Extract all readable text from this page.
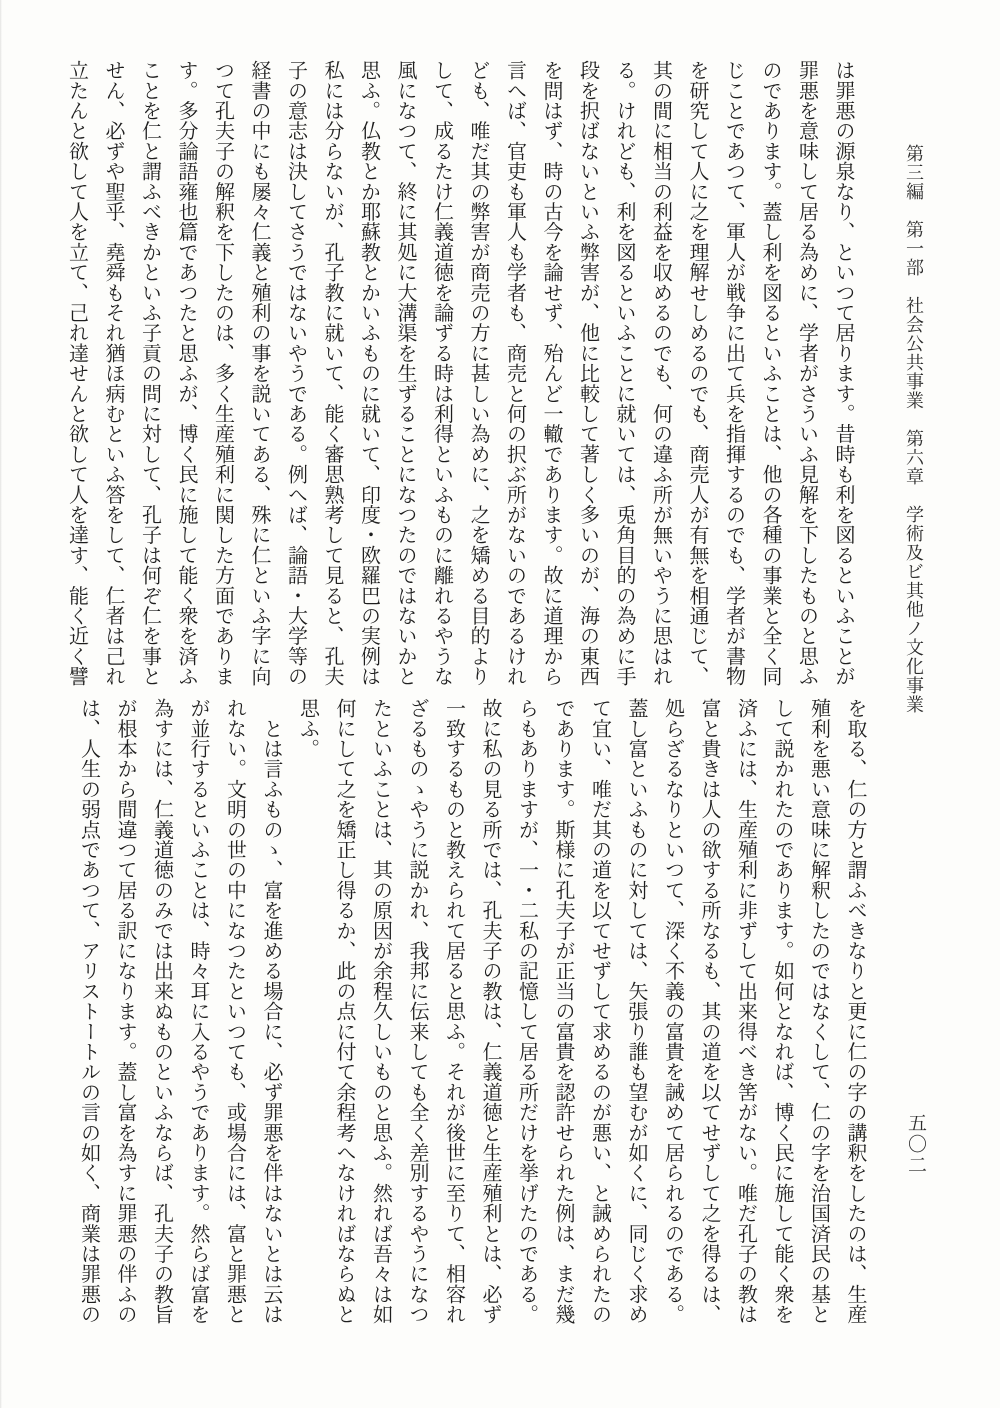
第三編　第一部　社会公共事業　第六章　学術及ビ其他ノ文化事業
五〇二

は罪悪の源泉なり、といつて居ります。昔時も利を図るといふことが

罪悪を意味して居る為めに、学者がさういふ見解を下したものと思ふ

のであります。蓋し利を図るといふことは、他の各種の事業と全く同

じことであつて、軍人が戦争に出て兵を指揮するのでも、学者が書物

を研究して人に之を理解せしめるのでも、商売人が有無を相通じて、

其の間に相当の利益を収めるのでも、何の違ふ所が無いやうに思はれ

る。けれども、利を図るといふことに就いては、兎角目的の為めに手

段を択ばないといふ弊害が、他に比較して著しく多いのが、海の東西

を問はず、時の古今を論せず、殆んど一轍であります。故に道理から

言へば、官吏も軍人も学者も、商売と何の択ぶ所がないのであるけれ

ども、唯だ其の弊害が商売の方に甚しい為めに、之を矯める目的より

して、成るたけ仁義道徳を論ずる時は利得といふものに離れるやうな

風になつて、終に其処に大溝渠を生ずることになつたのではないかと

思ふ。仏教とか耶蘇教とかいふものに就いて、印度・欧羅巴の実例は

私には分らないが、孔子教に就いて、能く審思熟考して見ると、孔夫

子の意志は決してさうではないやうである。例へば、論語・大学等の

経書の中にも屡々仁義と殖利の事を説いてある、殊に仁といふ字に向

つて孔夫子の解釈を下したのは、多く生産殖利に関した方面でありま

す。多分論語雍也篇であつたと思ふが、博く民に施して能く衆を済ふ

ことを仁と謂ふべきかといふ子貢の問に対して、孔子は何ぞ仁を事と

せん、必ずや聖乎、堯舜もそれ猶ほ病むといふ答をして、仁者は己れ

立たんと欲して人を立て、己れ達せんと欲して人を達す、能く近く譬

を取る、仁の方と謂ふべきなりと更に仁の字の講釈をしたのは、生産

殖利を悪い意味に解釈したのではなくして、仁の字を治国済民の基と

して説かれたのであります。如何となれば、博く民に施して能く衆を

済ふには、生産殖利に非ずして出来得べき筈がない。唯だ孔子の教は

富と貴きは人の欲する所なるも、其の道を以てせずして之を得るは、

処らざるなりといつて、深く不義の富貴を誡めて居られるのである。

蓋し富といふものに対しては、矢張り誰も望むが如くに、同じく求め

て宜い、唯だ其の道を以てせずして求めるのが悪い、と誡められたの

であります。斯様に孔夫子が正当の富貴を認許せられた例は、まだ幾

らもありますが、一・二私の記憶して居る所だけを挙げたのである。

故に私の見る所では、孔夫子の教は、仁義道徳と生産殖利とは、必ず

一致するものと教えられて居ると思ふ。それが後世に至りて、相容れ

ざるものゝやうに説かれ、我邦に伝来しても全く差別するやうになつ

たといふことは、其の原因が余程久しいものと思ふ。然れば吾々は如

何にして之を矯正し得るか、此の点に付て余程考へなければならぬと

思ふ。

　とは言ふものゝ、富を進める場合に、必ず罪悪を伴はないとは云は

れない。文明の世の中になつたといつても、或場合には、富と罪悪と

が並行するといふことは、時々耳に入るやうであります。然らば富を

為すには、仁義道徳のみでは出来ぬものといふならば、孔夫子の教旨

が根本から間違つて居る訳になります。蓋し富を為すに罪悪の伴ふの

は、人生の弱点であつて、アリストートルの言の如く、商業は罪悪の
